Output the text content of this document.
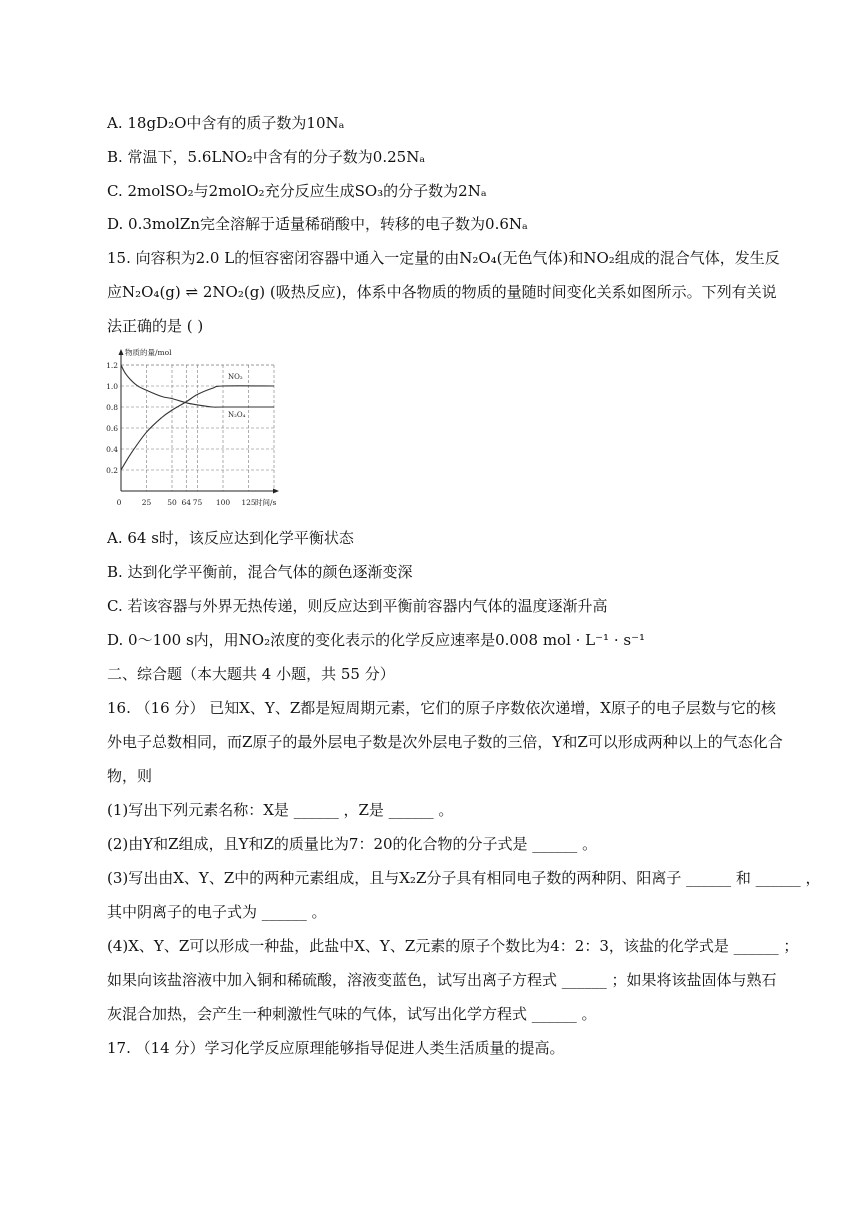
A. 18gD₂O中含有的质子数为10Nₐ
B. 常温下，5.6LNO₂中含有的分子数为0.25Nₐ
C. 2molSO₂与2molO₂充分反应生成SO₃的分子数为2Nₐ
D. 0.3molZn完全溶解于适量稀硝酸中，转移的电子数为0.6Nₐ
15. 向容积为2.0 L的恒容密闭容器中通入一定量的由N₂O₄(无色气体)和NO₂组成的混合气体，发生反
应N₂O₄(g) ⇌ 2NO₂(g) (吸热反应)，体系中各物质的物质的量随时间变化关系如图所示。下列有关说
法正确的是 ( )
物质的量/mol
时间/s
0
0.2
0.4
0.6
0.8
1.0
1.2
25 50 64 75 100 125
NO₂
N₂O₄
A. 64 s时，该反应达到化学平衡状态
B. 达到化学平衡前，混合气体的颜色逐渐变深
C. 若该容器与外界无热传递，则反应达到平衡前容器内气体的温度逐渐升高
D. 0～100 s内，用NO₂浓度的变化表示的化学反应速率是0.008 mol · L⁻¹ · s⁻¹
二、综合题（本大题共 4 小题，共 55 分）
16. （16 分） 已知X、Y、Z都是短周期元素，它们的原子序数依次递增，X原子的电子层数与它的核
外电子总数相同，而Z原子的最外层电子数是次外层电子数的三倍，Y和Z可以形成两种以上的气态化合
物，则
(1)写出下列元素名称：X是 ______ ，Z是 ______ 。
(2)由Y和Z组成，且Y和Z的质量比为7：20的化合物的分子式是 ______ 。
(3)写出由X、Y、Z中的两种元素组成，且与X₂Z分子具有相同电子数的两种阴、阳离子 ______ 和 ______ ，
其中阴离子的电子式为 ______ 。
(4)X、Y、Z可以形成一种盐，此盐中X、Y、Z元素的原子个数比为4：2：3，该盐的化学式是 ______ ；
如果向该盐溶液中加入铜和稀硫酸，溶液变蓝色，试写出离子方程式 ______ ；如果将该盐固体与熟石
灰混合加热，会产生一种刺激性气味的气体，试写出化学方程式 ______ 。
17. （14 分）学习化学反应原理能够指导促进人类生活质量的提高。
